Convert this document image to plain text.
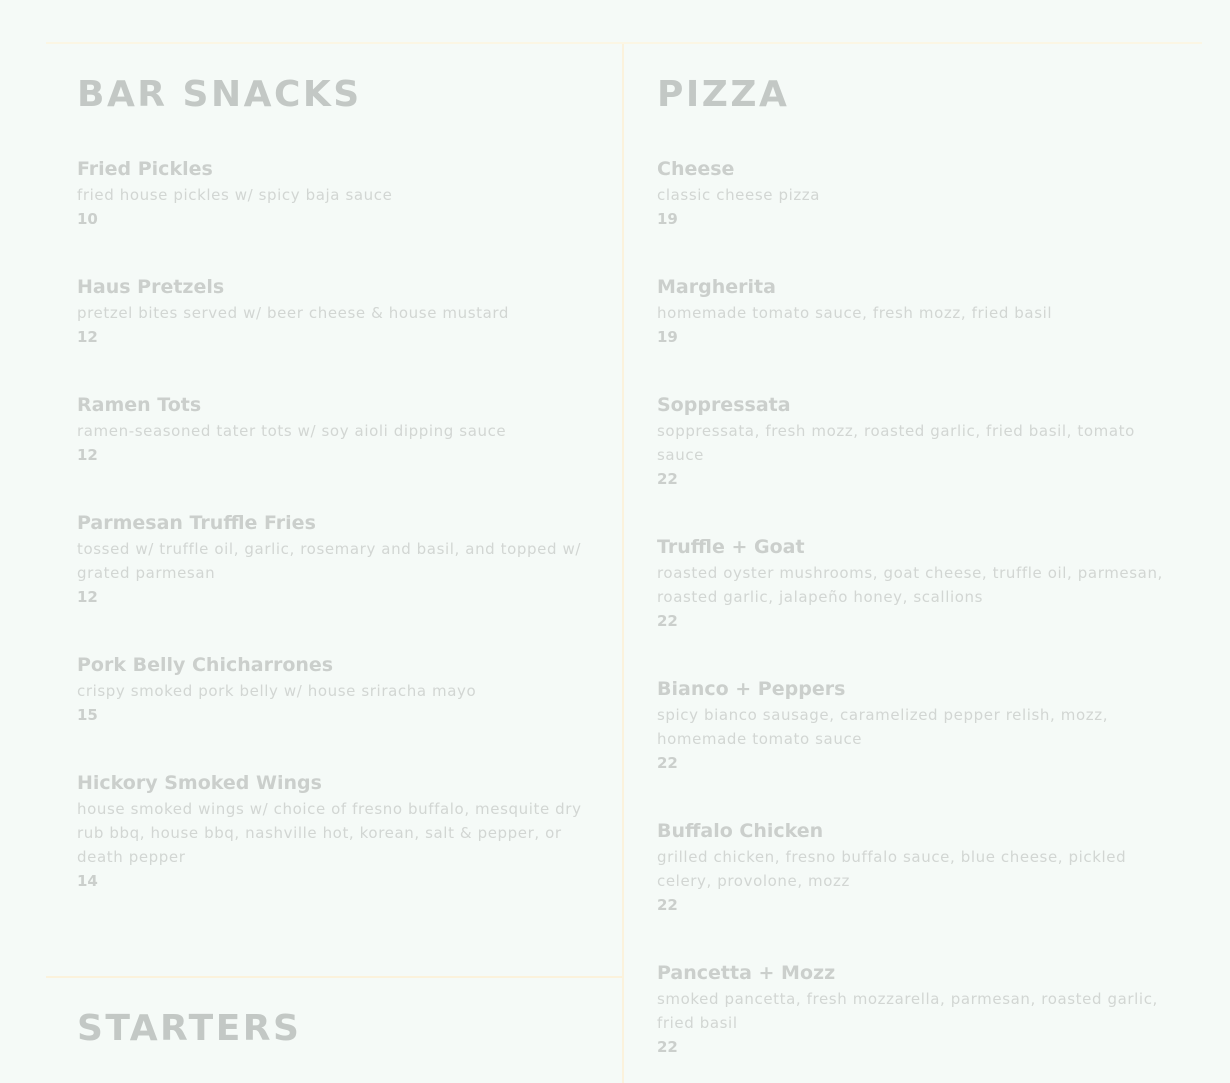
BAR SNACKS
Fried Pickles
fried house pickles w/ spicy baja sauce
10
Haus Pretzels
pretzel bites served w/ beer cheese & house mustard
12
Ramen Tots
ramen-seasoned tater tots w/ soy aioli dipping sauce
12
Parmesan Truffle Fries
tossed w/ truffle oil, garlic, rosemary and basil, and topped w/ grated parmesan
12
Pork Belly Chicharrones
crispy smoked pork belly w/ house sriracha mayo
15
Hickory Smoked Wings
house smoked wings w/ choice of fresno buffalo, mesquite dry rub bbq, house bbq, nashville hot, korean, salt & pepper, or death pepper
14
STARTERS
PIZZA
Cheese
classic cheese pizza
19
Margherita
homemade tomato sauce, fresh mozz, fried basil
19
Soppressata
soppressata, fresh mozz, roasted garlic, fried basil, tomato sauce
22
Truffle + Goat
roasted oyster mushrooms, goat cheese, truffle oil, parmesan, roasted garlic, jalapeño honey, scallions
22
Bianco + Peppers
spicy bianco sausage, caramelized pepper relish, mozz, homemade tomato sauce
22
Buffalo Chicken
grilled chicken, fresno buffalo sauce, blue cheese, pickled celery, provolone, mozz
22
Pancetta + Mozz
smoked pancetta, fresh mozzarella, parmesan, roasted garlic, fried basil
22
